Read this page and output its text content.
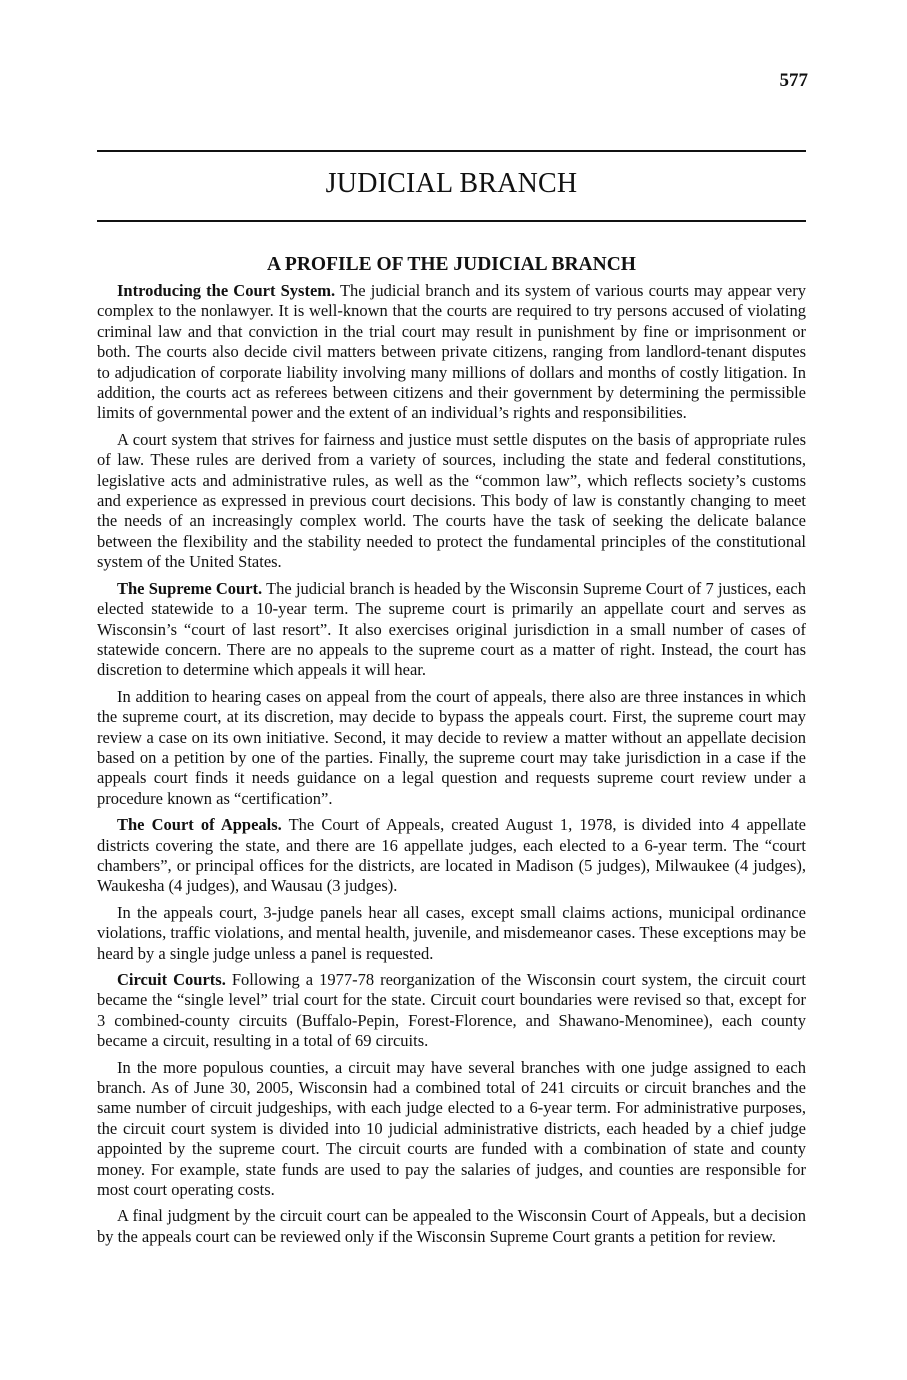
577

JUDICIAL BRANCH
A PROFILE OF THE JUDICIAL BRANCH

Introducing the Court System. The judicial branch and its system of various courts may appear very complex to the nonlawyer. It is well-known that the courts are required to try persons accused of violating criminal law and that conviction in the trial court may result in punishment by fine or imprisonment or both. The courts also decide civil matters between private citizens, ranging from landlord-tenant disputes to adjudication of corporate liability involving many millions of dollars and months of costly litigation. In addition, the courts act as referees between citizens and their government by determining the permissible limits of governmental power and the extent of an individual’s rights and responsibilities.

A court system that strives for fairness and justice must settle disputes on the basis of appropriate rules of law. These rules are derived from a variety of sources, including the state and federal constitutions, legislative acts and administrative rules, as well as the “common law”, which reflects society’s customs and experience as expressed in previous court decisions. This body of law is constantly changing to meet the needs of an increasingly complex world. The courts have the task of seeking the delicate balance between the flexibility and the stability needed to protect the fundamental principles of the constitutional system of the United States.

The Supreme Court. The judicial branch is headed by the Wisconsin Supreme Court of 7 justices, each elected statewide to a 10-year term. The supreme court is primarily an appellate court and serves as Wisconsin’s “court of last resort”. It also exercises original jurisdiction in a small number of cases of statewide concern. There are no appeals to the supreme court as a matter of right. Instead, the court has discretion to determine which appeals it will hear.

In addition to hearing cases on appeal from the court of appeals, there also are three instances in which the supreme court, at its discretion, may decide to bypass the appeals court. First, the supreme court may review a case on its own initiative. Second, it may decide to review a matter without an appellate decision based on a petition by one of the parties. Finally, the supreme court may take jurisdiction in a case if the appeals court finds it needs guidance on a legal question and requests supreme court review under a procedure known as “certification”.

The Court of Appeals. The Court of Appeals, created August 1, 1978, is divided into 4 appellate districts covering the state, and there are 16 appellate judges, each elected to a 6-year term. The “court chambers”, or principal offices for the districts, are located in Madison (5 judges), Milwaukee (4 judges), Waukesha (4 judges), and Wausau (3 judges).

In the appeals court, 3-judge panels hear all cases, except small claims actions, municipal ordinance violations, traffic violations, and mental health, juvenile, and misdemeanor cases. These exceptions may be heard by a single judge unless a panel is requested.

Circuit Courts. Following a 1977-78 reorganization of the Wisconsin court system, the circuit court became the “single level” trial court for the state. Circuit court boundaries were revised so that, except for 3 combined-county circuits (Buffalo-Pepin, Forest-Florence, and Shawano-Menominee), each county became a circuit, resulting in a total of 69 circuits.

In the more populous counties, a circuit may have several branches with one judge assigned to each branch. As of June 30, 2005, Wisconsin had a combined total of 241 circuits or circuit branches and the same number of circuit judgeships, with each judge elected to a 6-year term. For administrative purposes, the circuit court system is divided into 10 judicial administrative districts, each headed by a chief judge appointed by the supreme court. The circuit courts are funded with a combination of state and county money. For example, state funds are used to pay the salaries of judges, and counties are responsible for most court operating costs.

A final judgment by the circuit court can be appealed to the Wisconsin Court of Appeals, but a decision by the appeals court can be reviewed only if the Wisconsin Supreme Court grants a petition for review.
